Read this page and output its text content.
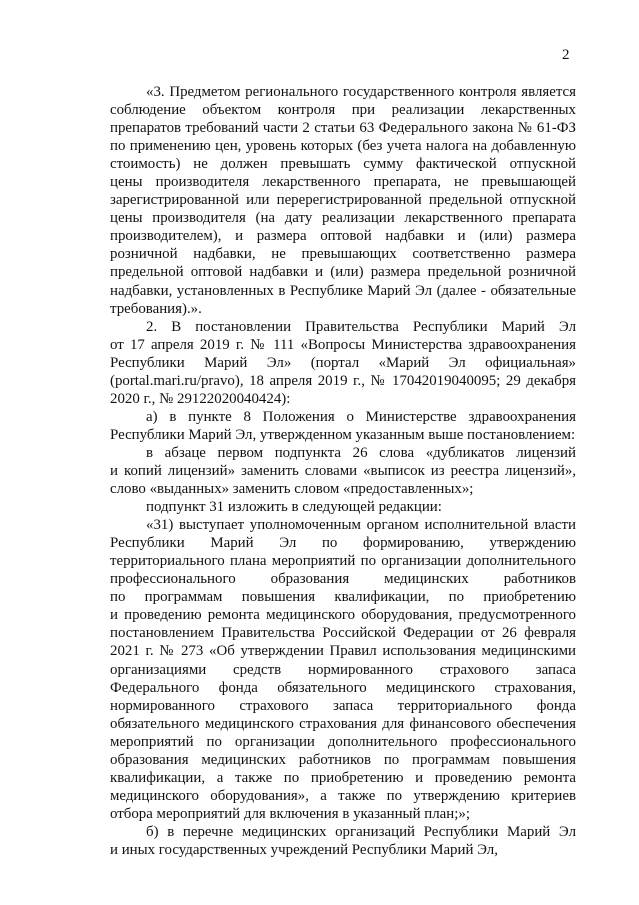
2
«3. Предметом регионального государственного контроля является
соблюдение объектом контроля при реализации лекарственных
препаратов требований части 2 статьи 63 Федерального закона № 61-ФЗ
по применению цен, уровень которых (без учета налога на добавленную
стоимость) не должен превышать сумму фактической отпускной
цены производителя лекарственного препарата, не превышающей
зарегистрированной или перерегистрированной предельной отпускной
цены производителя (на дату реализации лекарственного препарата
производителем), и размера оптовой надбавки и (или) размера
розничной надбавки, не превышающих соответственно размера
предельной оптовой надбавки и (или) размера предельной розничной
надбавки, установленных в Республике Марий Эл (далее - обязательные
требования).».
2. В постановлении Правительства Республики Марий Эл
от 17 апреля 2019 г. № 111 «Вопросы Министерства здравоохранения
Республики Марий Эл» (портал «Марий Эл официальная»
(portal.mari.ru/pravo), 18 апреля 2019 г., № 17042019040095; 29 декабря
2020 г., № 29122020040424):
а) в пункте 8 Положения о Министерстве здравоохранения
Республики Марий Эл, утвержденном указанным выше постановлением:
в абзаце первом подпункта 26 слова «дубликатов лицензий
и копий лицензий» заменить словами «выписок из реестра лицензий»,
слово «выданных» заменить словом «предоставленных»;
подпункт 31 изложить в следующей редакции:
«31) выступает уполномоченным органом исполнительной власти
Республики Марий Эл по формированию, утверждению
территориального плана мероприятий по организации дополнительного
профессионального образования медицинских работников
по программам повышения квалификации, по приобретению
и проведению ремонта медицинского оборудования, предусмотренного
постановлением Правительства Российской Федерации от 26 февраля
2021 г. № 273 «Об утверждении Правил использования медицинскими
организациями средств нормированного страхового запаса
Федерального фонда обязательного медицинского страхования,
нормированного страхового запаса территориального фонда
обязательного медицинского страхования для финансового обеспечения
мероприятий по организации дополнительного профессионального
образования медицинских работников по программам повышения
квалификации, а также по приобретению и проведению ремонта
медицинского оборудования», а также по утверждению критериев
отбора мероприятий для включения в указанный план;»;
б) в перечне медицинских организаций Республики Марий Эл
и иных государственных учреждений Республики Марий Эл,
